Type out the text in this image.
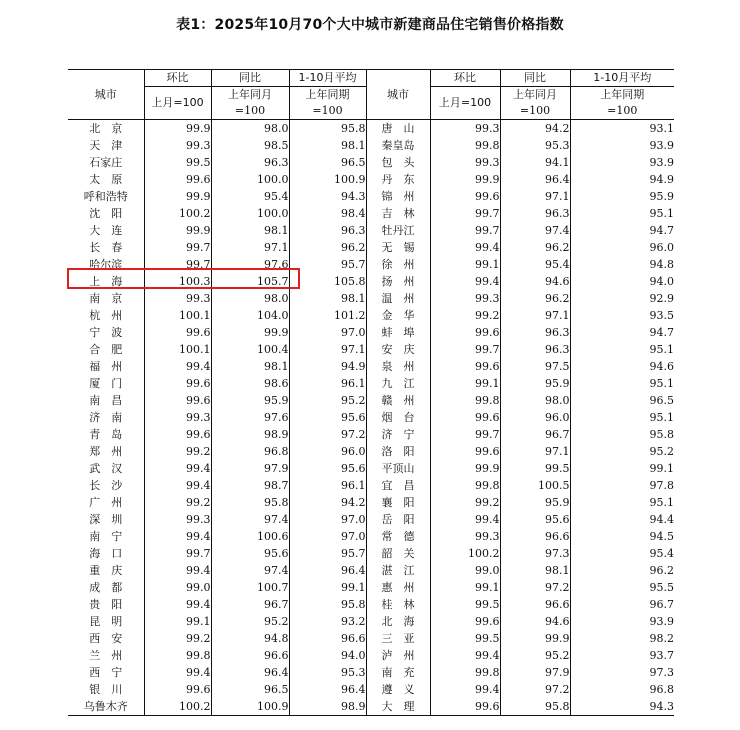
表1：2025年10月70个大中城市新建商品住宅销售价格指数
城市	环比	同比	1-10月平均	城市	环比	同比	1-10月平均
	上月=100	上年同月	上年同期		上月=100	上年同月	上年同期
		=100	=100			=100	=100
北　京	99.9	98.0	95.8	唐　山	99.3	94.2	93.1
天　津	99.3	98.5	98.1	秦皇岛	99.8	95.3	93.9
石家庄	99.5	96.3	96.5	包　头	99.3	94.1	93.9
太　原	99.6	100.0	100.9	丹　东	99.9	96.4	94.9
呼和浩特	99.9	95.4	94.3	锦　州	99.6	97.1	95.9
沈　阳	100.2	100.0	98.4	吉　林	99.7	96.3	95.1
大　连	99.9	98.1	96.3	牡丹江	99.7	97.4	94.7
长　春	99.7	97.1	96.2	无　锡	99.4	96.2	96.0
哈尔滨	99.7	97.6	95.7	徐　州	99.1	95.4	94.8
上　海	100.3	105.7	105.8	扬　州	99.4	94.6	94.0
南　京	99.3	98.0	98.1	温　州	99.3	96.2	92.9
杭　州	100.1	104.0	101.2	金　华	99.2	97.1	93.5
宁　波	99.6	99.9	97.0	蚌　埠	99.6	96.3	94.7
合　肥	100.1	100.4	97.1	安　庆	99.7	96.3	95.1
福　州	99.4	98.1	94.9	泉　州	99.6	97.5	94.6
厦　门	99.6	98.6	96.1	九　江	99.1	95.9	95.1
南　昌	99.6	95.9	95.2	赣　州	99.8	98.0	96.5
济　南	99.3	97.6	95.6	烟　台	99.6	96.0	95.1
青　岛	99.6	98.9	97.2	济　宁	99.7	96.7	95.8
郑　州	99.2	96.8	96.0	洛　阳	99.6	97.1	95.2
武　汉	99.4	97.9	95.6	平顶山	99.9	99.5	99.1
长　沙	99.4	98.7	96.1	宜　昌	99.8	100.5	97.8
广　州	99.2	95.8	94.2	襄　阳	99.2	95.9	95.1
深　圳	99.3	97.4	97.0	岳　阳	99.4	95.6	94.4
南　宁	99.4	100.6	97.0	常　德	99.3	96.6	94.5
海　口	99.7	95.6	95.7	韶　关	100.2	97.3	95.4
重　庆	99.4	97.4	96.4	湛　江	99.0	98.1	96.2
成　都	99.0	100.7	99.1	惠　州	99.1	97.2	95.5
贵　阳	99.4	96.7	95.8	桂　林	99.5	96.6	96.7
昆　明	99.1	95.2	93.2	北　海	99.6	94.6	93.9
西　安	99.2	94.8	96.6	三　亚	99.5	99.9	98.2
兰　州	99.8	96.6	94.0	泸　州	99.4	95.2	93.7
西　宁	99.4	96.4	95.3	南　充	99.8	97.9	97.3
银　川	99.6	96.5	96.4	遵　义	99.4	97.2	96.8
乌鲁木齐	100.2	100.9	98.9	大　理	99.6	95.8	94.3
